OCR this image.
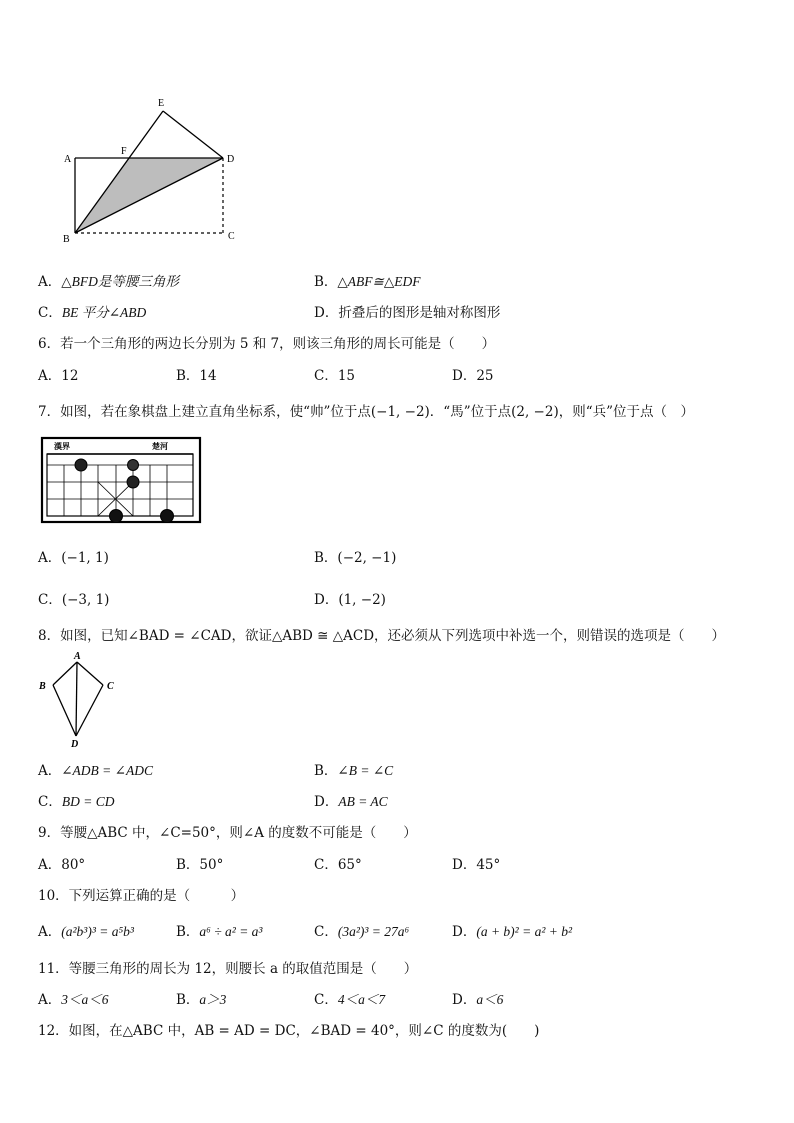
A
B	C
D
E
F
A．△BFD是等腰三角形	B．△ABF≅△EDF
C．BE 平分∠ABD	D．折叠后的图形是轴对称图形
6．若一个三角形的两边长分别为 5 和 7，则该三角形的周长可能是（　　）
A．12	B．14	C．15	D．25
7．如图，若在象棋盘上建立直角坐标系，使“帅”位于点(−1, −2)．“馬”位于点(2, −2)，则“兵”位于点（　）
漢界	楚河
A．(−1, 1)	B．(−2, −1)
C．(−3, 1)	D．(1, −2)
8．如图，已知∠BAD = ∠CAD，欲证△ABD ≅ △ACD，还必须从下列选项中补选一个，则错误的选项是（　　）
A
B	C
D
A．∠ADB = ∠ADC	B．∠B = ∠C
C．BD = CD	D．AB = AC
9．等腰△ABC 中，∠C=50°，则∠A 的度数不可能是（　　）
A．80°	B．50°	C．65°	D．45°
10．下列运算正确的是（　　　）
A．(a²b³)³ = a⁵b³	B．a⁶ ÷ a² = a³	C．(3a²)³ = 27a⁶	D．(a + b)² = a² + b²
11．等腰三角形的周长为 12，则腰长 a 的取值范围是（　　）
A．3＜a＜6	B．a＞3	C．4＜a＜7	D．a＜6
12．如图，在△ABC 中，AB = AD = DC，∠BAD = 40°，则∠C 的度数为(　　)
